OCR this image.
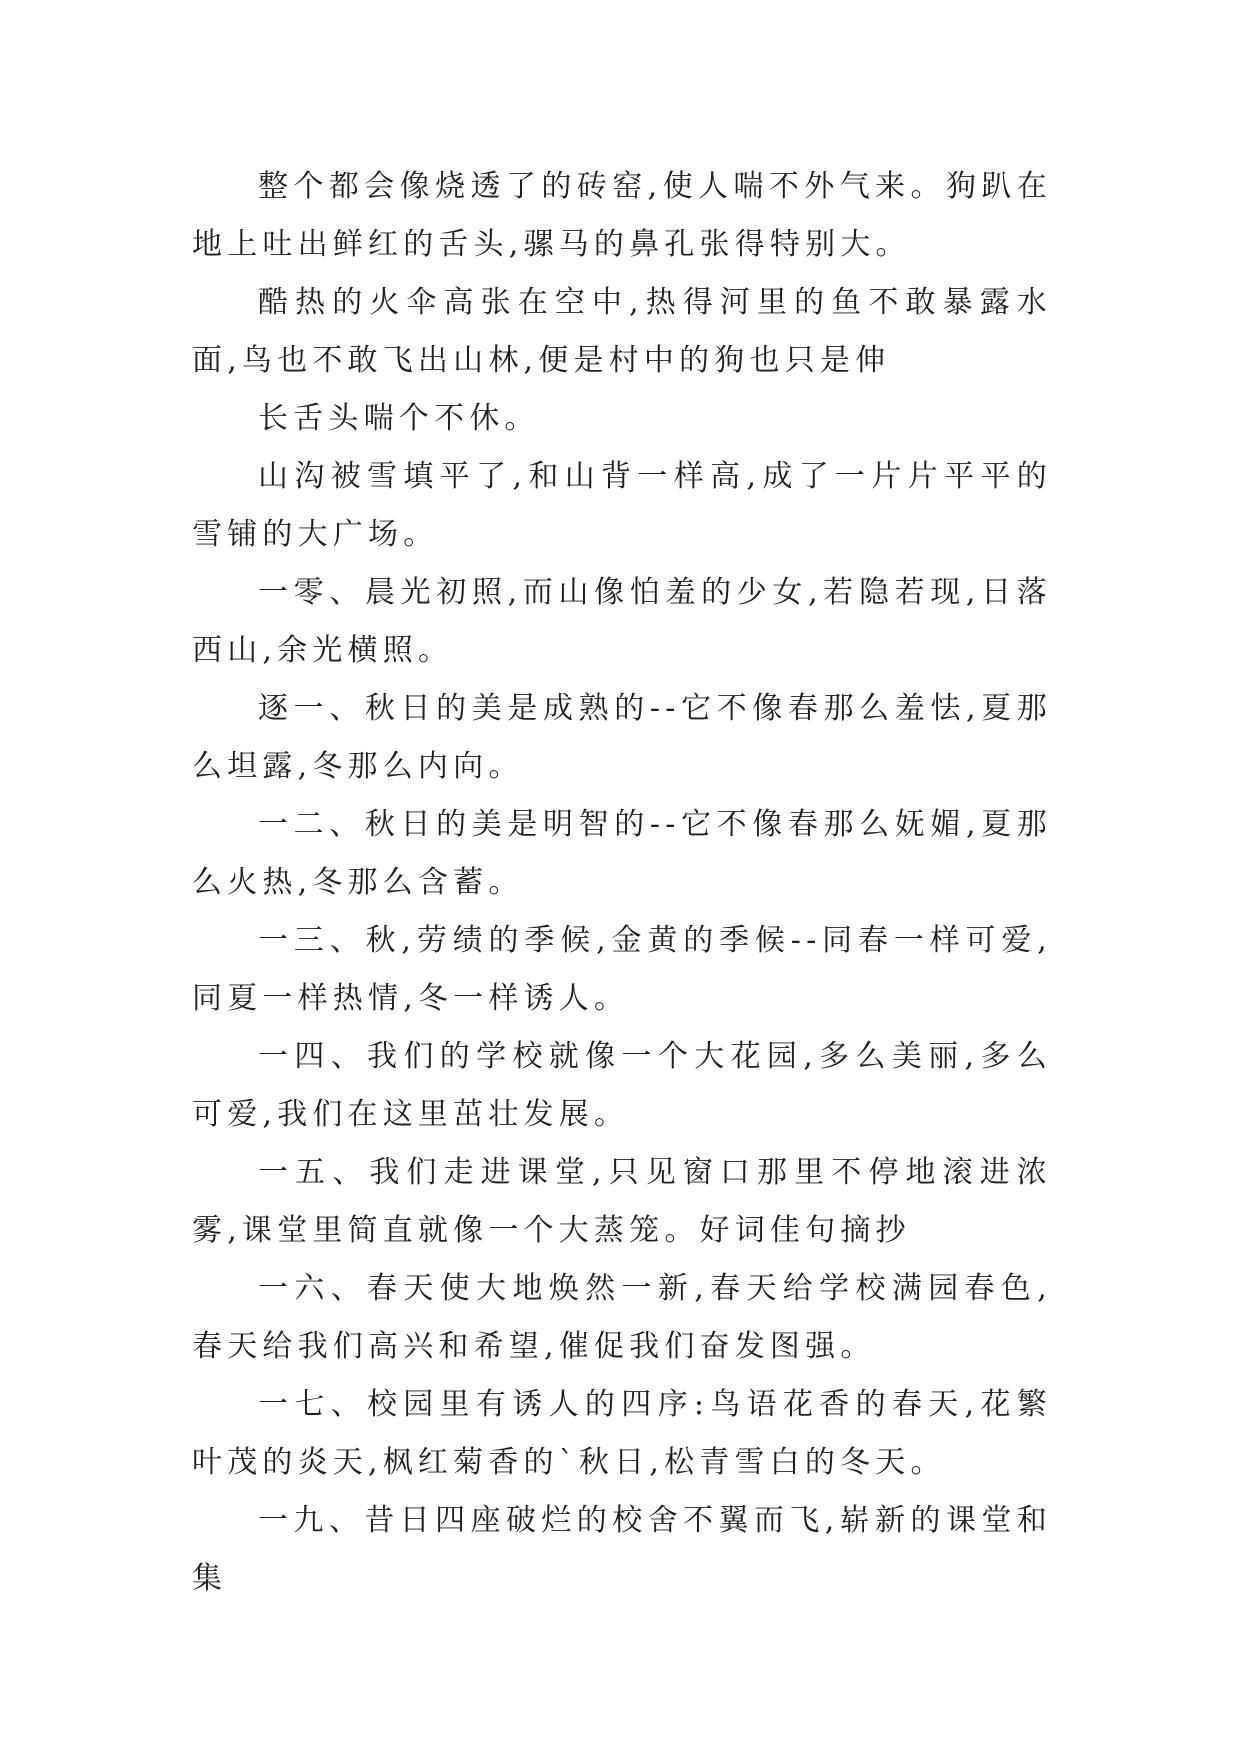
整个都会像烧透了的砖窑,使人喘不外气来。狗趴在地上吐出鲜红的舌头,骡马的鼻孔张得特别大。

酷热的火伞高张在空中,热得河里的鱼不敢暴露水面,鸟也不敢飞出山林,便是村中的狗也只是伸

长舌头喘个不休。

山沟被雪填平了,和山背一样高,成了一片片平平的雪铺的大广场。

一零、晨光初照,而山像怕羞的少女,若隐若现,日落西山,余光横照。

逐一、秋日的美是成熟的--它不像春那么羞怯,夏那么坦露,冬那么内向。

一二、秋日的美是明智的--它不像春那么妩媚,夏那么火热,冬那么含蓄。

一三、秋,劳绩的季候,金黄的季候--同春一样可爱,同夏一样热情,冬一样诱人。

一四、我们的学校就像一个大花园,多么美丽,多么可爱,我们在这里茁壮发展。

一五、我们走进课堂,只见窗口那里不停地滚进浓雾,课堂里简直就像一个大蒸笼。好词佳句摘抄

一六、春天使大地焕然一新,春天给学校满园春色,春天给我们高兴和希望,催促我们奋发图强。

一七、校园里有诱人的四序:鸟语花香的春天,花繁叶茂的炎天,枫红菊香的`秋日,松青雪白的冬天。

一九、昔日四座破烂的校舍不翼而飞,崭新的课堂和集
